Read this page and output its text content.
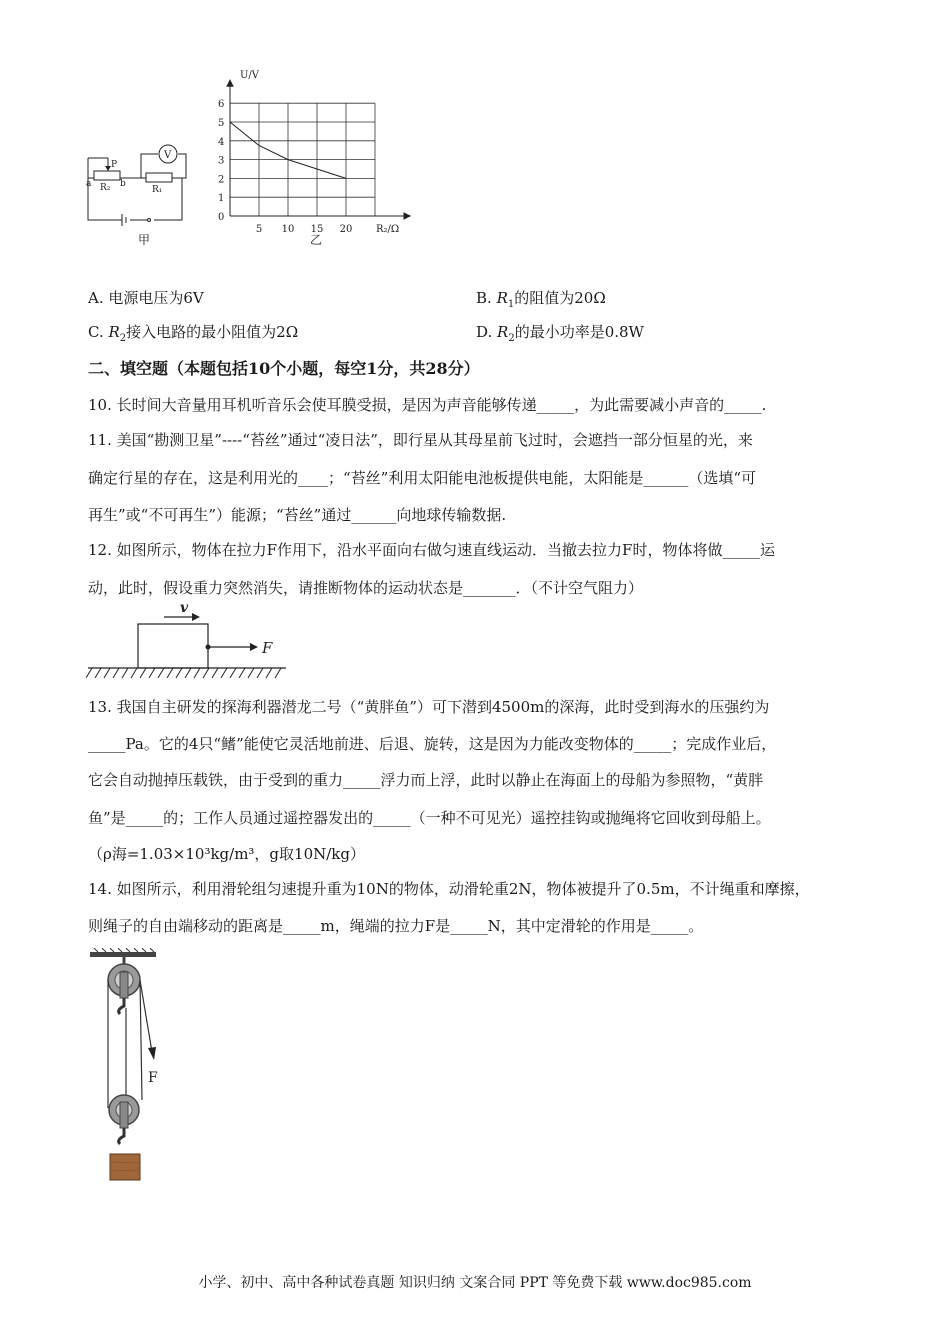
P
a	b
R₂	R₁
V
甲
0
1
2
3
4
5
6
5 10 15 20
U/V
R₂/Ω
乙
A. 电源电压为6V	B. $R_1$的阻值为20Ω
C. $R_2$接入电路的最小阻值为2Ω	D. $R_2$的最小功率是0.8W
二、填空题（本题包括10个小题，每空1分，共28分）
10. 长时间大音量用耳机听音乐会使耳膜受损，是因为声音能够传递_____，为此需要减小声音的_____.
11. 美国“勘测卫星”----“苔丝”通过“凌日法”，即行星从其母星前飞过时，会遮挡一部分恒星的光，来
确定行星的存在，这是利用光的____；“苔丝”利用太阳能电池板提供电能，太阳能是______（选填“可
再生”或“不可再生”）能源；“苔丝”通过______向地球传输数据.
12. 如图所示，物体在拉力F作用下，沿水平面向右做匀速直线运动．当撤去拉力F时，物体将做_____运
动，此时，假设重力突然消失，请推断物体的运动状态是_______．（不计空气阻力）
v
F
13. 我国自主研发的探海利器潜龙二号（“黄胖鱼”）可下潜到4500m的深海，此时受到海水的压强约为
_____Pa。它的4只“鳍”能使它灵活地前进、后退、旋转，这是因为力能改变物体的_____；完成作业后，
它会自动抛掉压载铁，由于受到的重力_____浮力而上浮，此时以静止在海面上的母船为参照物，“黄胖
鱼”是_____的；工作人员通过遥控器发出的_____（一种不可见光）遥控挂钩或抛绳将它回收到母船上。
（ρ海=1.03×10³kg/m³，g取10N/kg）
14. 如图所示，利用滑轮组匀速提升重为10N的物体，动滑轮重2N，物体被提升了0.5m，不计绳重和摩擦，
则绳子的自由端移动的距离是_____m，绳端的拉力F是_____N，其中定滑轮的作用是_____。
F
小学、初中、高中各种试卷真题 知识归纳 文案合同 PPT 等免费下载 www.doc985.com
